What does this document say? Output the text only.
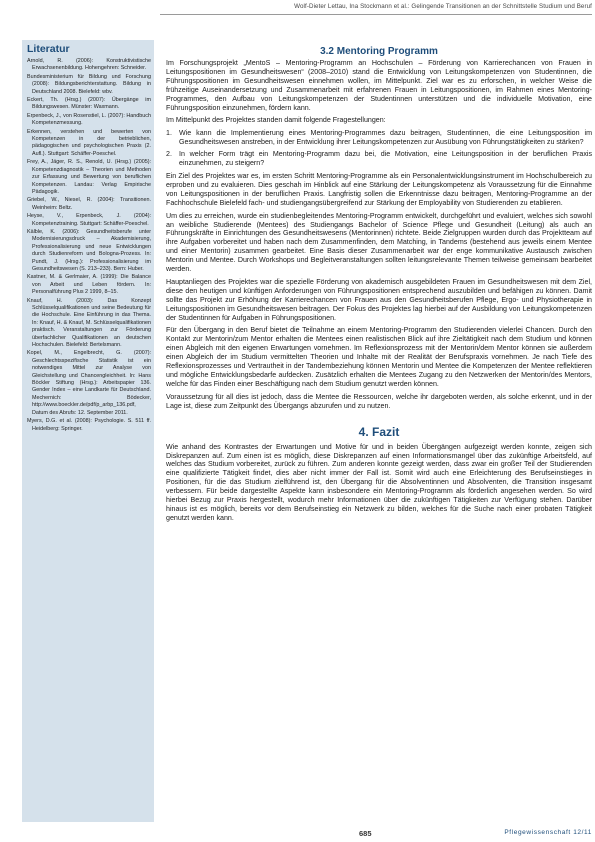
Wolf-Dieter Lettau, Ina Stockmann et al.: Gelingende Transitionen an der Schnittstelle Studium und Beruf
Literatur
Arnold, R. (2006): Konstruktivistische Erwachsenenbildung. Hohengehren: Schneider.
Bundesministerium für Bildung und Forschung (2008): Bildungsberichterstattung. Bildung in Deutschland 2008. Bielefeld: wbv.
Eckert, Th. (Hrsg.) (2007): Übergänge im Bildungswesen. Münster: Waxmann.
Erpenbeck, J., von Rosenstiel, L. (2007): Handbuch Kompetenzmessung.
Erkennen, verstehen und bewerten von Kompetenzen in der betrieblichen, pädagogischen und psychologischen Praxis (2. Aufl.). Stuttgart: Schäffer-Poeschel.
Frey, A., Jäger, R. S., Renold, U. (Hrsg.) (2005): Kompetenzdiagnostik – Theorien und Methoden zur Erfassung und Bewertung von beruflichen Kompetenzen. Landau: Verlag Empirische Pädagogik.
Griebel, W., Niesel, R. (2004): Transitionen. Weinheim: Beltz.
Heyse, V., Erpenbeck, J. (2004): Kompetenztraining. Stuttgart: Schäffer-Poeschel.
Kälble, K. (2006): Gesundheitsberufe unter Modernisierungsdruck – Akademisierung, Professionalisierung und neue Entwicklungen durch Studienreform und Bologna-Prozess. In: Pundt, J. (Hrsg.): Professionalisierung im Gesundheitswesen (S. 213–233). Bern: Huber.
Kastner, M. & Gerlmaier, A. (1999): Die Balance von Arbeit und Leben fördern. In: Personalführung Plus 2 1999, 8–15.
Knauf, H. (2003): Das Konzept Schlüsselqualifikationen und seine Bedeutung für die Hochschule. Eine Einführung in das Thema. In: Knauf, H. & Knauf, M. Schlüsselqualifikationen praktisch. Veranstaltungen zur Förderung überfachlicher Qualifikationen an deutschen Hochschulen. Bielefeld: Bertelsmann.
Kopel, M., Engelbrecht, G. (2007): Geschlechtsspezifische Statistik ist ein notwendiges Mittel zur Analyse von Gleichstellung und Chancengleichheit. In: Hans Böckler Stiftung (Hrsg.): Arbeitspapier 136. Gender Index – eine Landkarte für Deutschland. Mechernich: Bödecker, http://www.boeckler.de/pdf/p_arbp_136.pdf, Datum des Abrufs: 12. September 2011.
Myers, D.G. et al. (2008): Psychologie. S. 511 ff. Heidelberg: Springer.
3.2 Mentoring Programm

Im Forschungsprojekt „MentoS – Mentoring-Programm an Hochschulen – Förderung von Karrierechancen von Frauen in Leitungspositionen im Gesundheitswesen“ (2008–2010) stand die Entwicklung von Leitungskompetenzen von Studentinnen, die Führungspositionen im Gesundheitswesen einnehmen wollen, im Mittelpunkt. Ziel war es zu erforschen, in welcher Weise die frühzeitige Auseinandersetzung und Zusammenarbeit mit erfahrenen Frauen in Leitungspositionen, im Rahmen eines Mentoring-Programmes, den Aufbau von Leitungskompetenzen der Studentinnen unterstützen und die individuelle Motivation, eine Führungsposition einzunehmen, fördern kann.

Im Mittelpunkt des Projektes standen damit folgende Fragestellungen:

1. Wie kann die Implementierung eines Mentoring-Programmes dazu beitragen, Studentinnen, die eine Leitungsposition im Gesundheitswesen anstreben, in der Entwicklung ihrer Leitungskompetenzen zur Ausübung von Führungstätigkeiten zu stärken?
2. In welcher Form trägt ein Mentoring-Programm dazu bei, die Motivation, eine Leitungsposition in der beruflichen Praxis einzunehmen, zu steigern?

Ein Ziel des Projektes war es, im ersten Schritt Mentoring-Programme als ein Personalentwicklungsinstrument im Hochschulbereich zu erproben und zu evaluieren. Dies geschah im Hinblick auf eine Stärkung der Leitungskompetenz als Voraussetzung für die Einnahme von Leitungspositionen in der beruflichen Praxis. Langfristig sollen die Erkenntnisse dazu beitragen, Mentoring-Programme an der Fachhochschule Bielefeld fach- und studiengangsübergreifend zur Stärkung der Employability von Studierenden zu etablieren.

Um dies zu erreichen, wurde ein studienbegleitendes Mentoring-Programm entwickelt, durchgeführt und evaluiert, welches sich sowohl an weibliche Studierende (Mentees) des Studiengangs Bachelor of Science Pflege und Gesundheit (Leitung) als auch an Führungskräfte in Einrichtungen des Gesundheitswesens (Mentorinnen) richtete. Beide Zielgruppen wurden durch das Projektteam auf ihre Aufgaben vorbereitet und haben nach dem Zusammenfinden, dem Matching, in Tandems (bestehend aus jeweils einem Mentee und einer Mentorin) zusammen gearbeitet. Eine Basis dieser Zusammenarbeit war der enge kommunikative Austausch zwischen Mentorin und Mentee. Durch Workshops und Begleitveranstaltungen sollten leitungsrelevante Themen teilweise gemeinsam bearbeitet werden.

Hauptanliegen des Projektes war die spezielle Förderung von akademisch ausgebildeten Frauen im Gesundheitswesen mit dem Ziel, diese den heutigen und künftigen Anforderungen von Führungspositionen entsprechend auszubilden und befähigen zu können. Damit sollte das Projekt zur Erhöhung der Karrierechancen von Frauen aus den Gesundheitsberufen Pflege, Ergo- und Physiotherapie in Leitungspositionen im Gesundheitswesen beitragen. Der Fokus des Projektes lag hierbei auf der Ausbildung von Leitungskompetenzen der Studentinnen für Aufgaben in Führungspositionen.

Für den Übergang in den Beruf bietet die Teilnahme an einem Mentoring-Programm den Studierenden vielerlei Chancen. Durch den Kontakt zur Mentorin/zum Mentor erhalten die Mentees einen realistischen Blick auf ihre Zieltätigkeit nach dem Studium und können einen Abgleich mit den eigenen Erwartungen vornehmen. Im Reflexionsprozess mit der Mentorin/dem Mentor können sie außerdem einen Abgleich der im Studium vermittelten Theorien und Inhalte mit der Realität der Berufspraxis vornehmen. Je nach Tiefe des Reflexionsprozesses und Vertrautheit in der Tandembeziehung können Mentorin und Mentee die Kompetenzen der Mentee reflektieren und mögliche Entwicklungsbedarfe aufdecken. Zusätzlich erhalten die Mentees Zugang zu den Netzwerken der Mentorin/des Mentors, welche für das Finden einer Beschäftigung nach dem Studium genutzt werden können.

Voraussetzung für all dies ist jedoch, dass die Mentee die Ressourcen, welche ihr dargeboten werden, als solche erkennt, und in der Lage ist, diese zum Zeitpunkt des Übergangs abzurufen und zu nutzen.

4. Fazit

Wie anhand des Kontrastes der Erwartungen und Motive für und in beiden Übergängen aufgezeigt werden konnte, zeigen sich Diskrepanzen auf. Zum einen ist es möglich, diese Diskrepanzen auf einen Informationsmangel über das zukünftige Arbeitsfeld, auf welches das Studium vorbereitet, zurück zu führen. Zum anderen konnte gezeigt werden, dass zwar ein großer Teil der Studierenden eine qualifizierte Tätigkeit findet, dies aber nicht immer der Fall ist. Somit wird auch eine Erleichterung des Berufseinstieges in Positionen, für die das Studium zielführend ist, den Übergang für die Absolventinnen und Absolventen, die Transition insgesamt verbessern. Für beide dargestellte Aspekte kann insbesondere ein Mentoring-Programm als förderlich angesehen werden. So wird hierbei Bezug zur Praxis hergestellt, wodurch mehr Informationen über die zukünftigen Tätigkeiten zur Verfügung stehen. Darüber hinaus ist es möglich, bereits vor dem Berufseinstieg ein Netzwerk zu bilden, welches für die Suche nach einer probaten Tätigkeit genutzt werden kann.

685	Pflegewissenschaft 12/11
